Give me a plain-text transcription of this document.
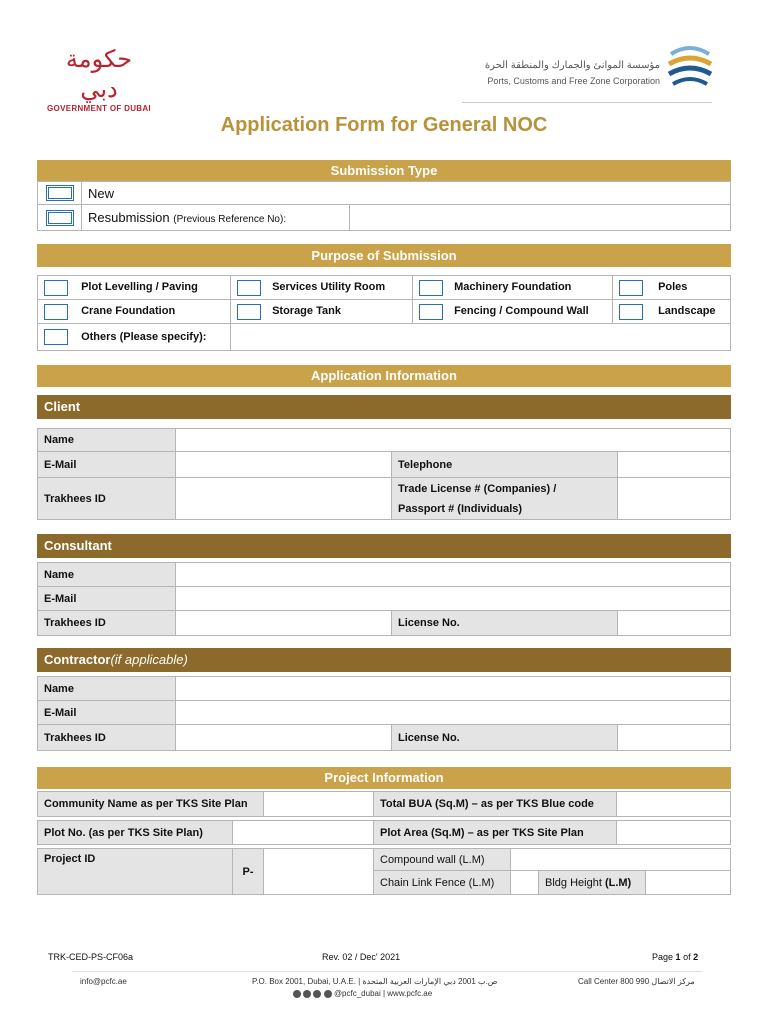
حكومة دبي
GOVERNMENT OF DUBAI
مؤسسة الموانئ والجمارك والمنطقة الحرة
Ports, Customs and Free Zone Corporation
Application Form for General NOC
Submission Type
	New	
	Resubmission (Previous Reference No):	
Purpose of Submission
Plot Levelling / Paving	Services Utility Room	Machinery Foundation	Poles
Crane Foundation	Storage Tank	Fencing / Compound Wall	Landscape
Others (Please specify):			
Application Information
Client
Name			
E-Mail		Telephone	
Trakhees ID		Trade License # (Companies) /
Passport # (Individuals)	
Consultant
Name			
E-Mail			
Trakhees ID		License No.	
Contractor(if applicable)
Name			
E-Mail			
Trakhees ID		License No.	
Project Information
Community Name as per TKS Site Plan		Total BUA (Sq.M) – as per TKS Blue code	
Plot No. (as per TKS Site Plan)		Plot Area (Sq.M) – as per TKS Site Plan	
Project ID	P-		Compound wall (L.M)			
			Chain Link Fence (L.M)		Bldg Height (L.M)	
TRK-CED-PS-CF06a	Rev. 02 / Dec' 2021	Page 1 of 2
info@pcfc.ae	P.O. Box 2001, Dubai, U.A.E. | ص.ب 2001 دبي الإمارات العربية المتحدة	Call Center 800 990 مركز الاتصال
@pcfc_dubai | www.pcfc.ae
